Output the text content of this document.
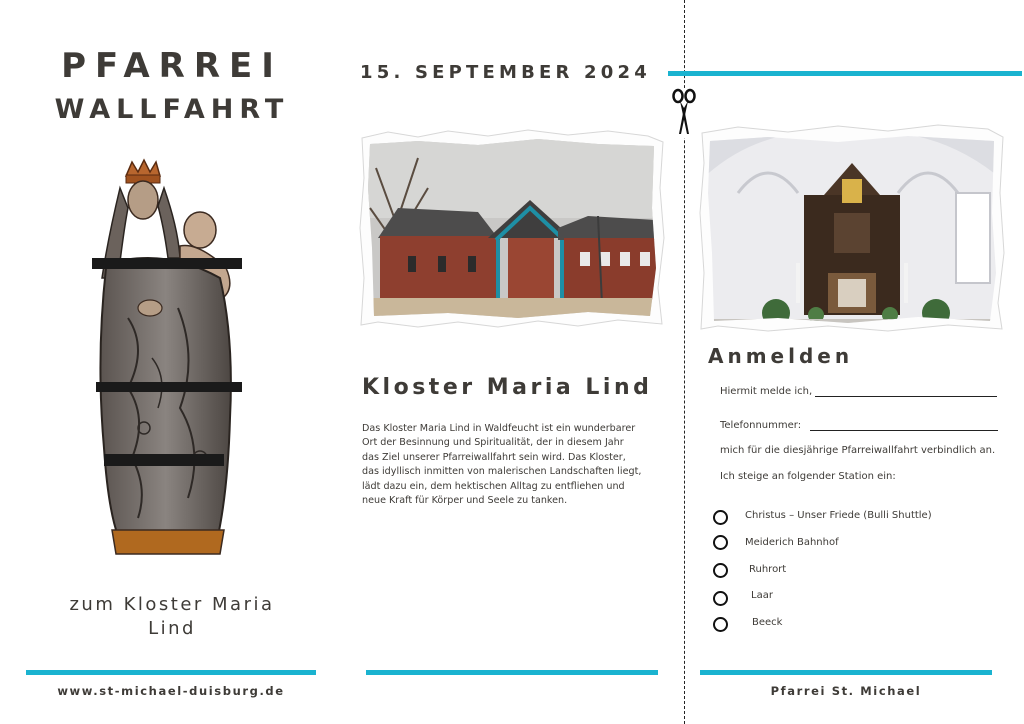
PFARREI
WALLFAHRT
zum Kloster Maria
Lind
www.st-michael-duisburg.de
15. SEPTEMBER 2024
Kloster Maria Lind
Das Kloster Maria Lind in Waldfeucht ist ein wunderbarer
Ort der Besinnung und Spiritualität, der in diesem Jahr
das Ziel unserer Pfarreiwallfahrt sein wird. Das Kloster,
das idyllisch inmitten von malerischen Landschaften liegt,
lädt dazu ein, dem hektischen Alltag zu entfliehen und
neue Kraft für Körper und Seele zu tanken.
Anmelden
Hiermit melde ich,
Telefonnummer:
mich für die diesjährige Pfarreiwallfahrt verbindlich an.
Ich steige an folgender Station ein:
Christus – Unser Friede (Bulli Shuttle)
Meiderich Bahnhof
Ruhrort
Laar
Beeck
Pfarrei St. Michael
